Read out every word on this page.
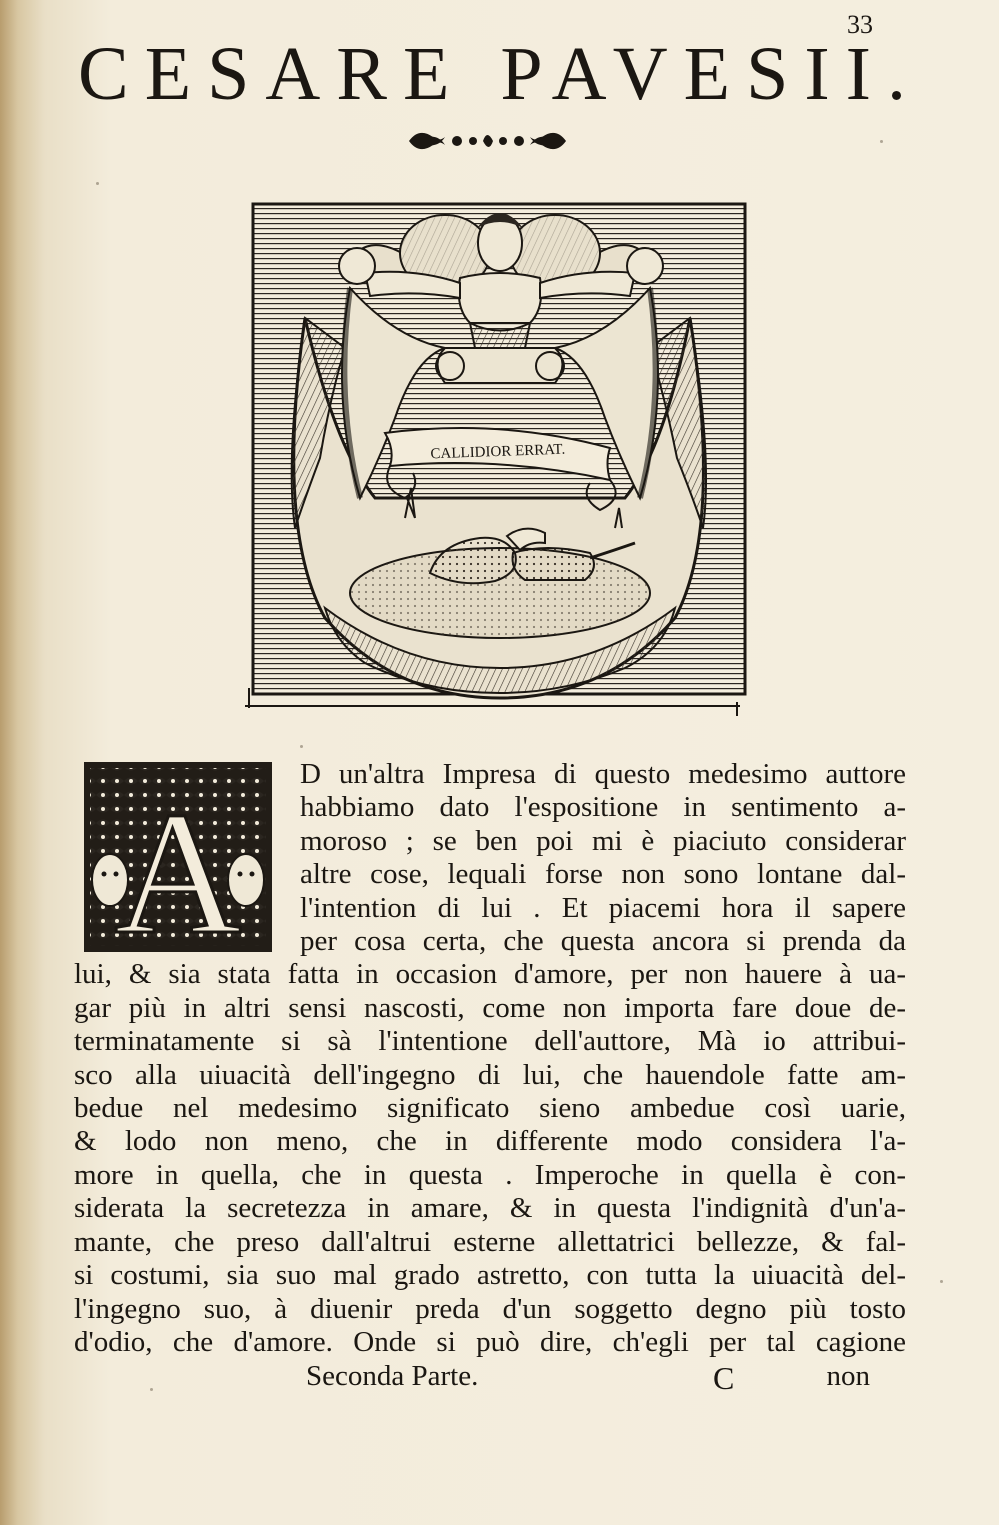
33
CESARE PAVESII.
CALLIDIOR ERRAT.
A
D un'altra Impresa di questo medesimo auttore
habbiamo dato l'espositione in sentimento a-
moroso ; se ben poi mi è piaciuto considerar
altre cose, lequali forse non sono lontane dal-
l'intention di lui . Et piacemi hora il sapere
per cosa certa, che questa ancora si prenda da
lui, & sia stata fatta in occasion d'amore, per non hauere à ua-
gar più in altri sensi nascosti, come non importa fare doue de-
terminatamente si sà l'intentione dell'auttore, Mà io attribui-
sco alla uiuacità dell'ingegno di lui, che hauendole fatte am-
bedue nel medesimo significato sieno ambedue così uarie,
& lodo non meno, che in differente modo considera l'a-
more in quella, che in questa . Imperoche in quella è con-
siderata la secretezza in amare, & in questa l'indignità d'un'a-
mante, che preso dall'altrui esterne allettatrici bellezze, & fal-
si costumi, sia suo mal grado astretto, con tutta la uiuacità del-
l'ingegno suo, à diuenir preda d'un soggetto degno più tosto
d'odio, che d'amore. Onde si può dire, ch'egli per tal cagione
Seconda Parte.	C	non
